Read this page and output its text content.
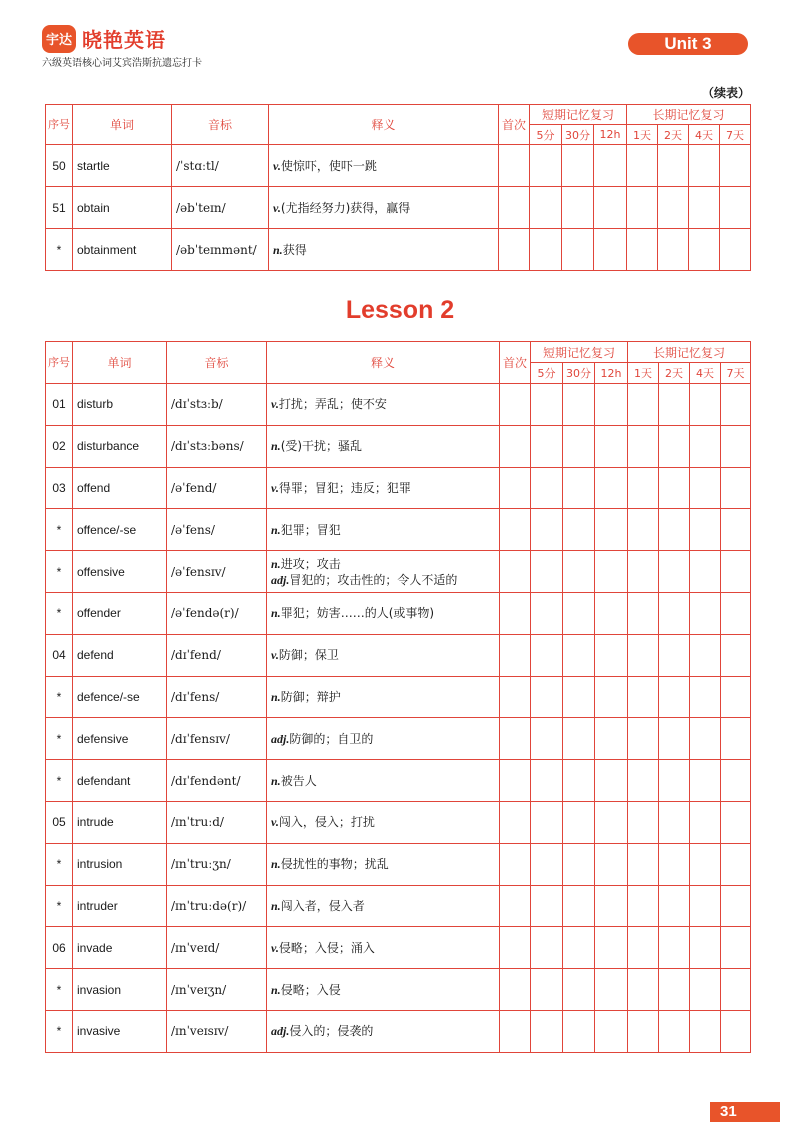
宇达 晓艳英语
六级英语核心词艾宾浩斯抗遗忘打卡
Unit 3
（续表）
序号	单词	音标	释义	首次	短期记忆复习			长期记忆复习			
					5分	30分	12h	1天	2天	4天	7天
50	startle	/ˈstɑːtl/	v.使惊吓，使吓一跳								

51	obtain	/əbˈteɪn/	v.(尤指经努力)获得，赢得								

*	obtainment	/əbˈteɪnmənt/	n.获得								

Lesson 2
序号	单词	音标	释义	首次	短期记忆复习			长期记忆复习			
					5分	30分	12h	1天	2天	4天	7天
01	disturb	/dɪˈstɜːb/	v.打扰；弄乱；使不安								

02	disturbance	/dɪˈstɜːbəns/	n.(受)干扰；骚乱								

03	offend	/əˈfend/	v.得罪；冒犯；违反；犯罪								

*	offence/-se	/əˈfens/	n.犯罪；冒犯								

*	offensive	/əˈfensɪv/	n.进攻；攻击
adj.冒犯的；攻击性的；令人不适的								

*	offender	/əˈfendə(r)/	n.罪犯；妨害……的人(或事物)								

04	defend	/dɪˈfend/	v.防御；保卫								

*	defence/-se	/dɪˈfens/	n.防御；辩护								

*	defensive	/dɪˈfensɪv/	adj.防御的；自卫的								

*	defendant	/dɪˈfendənt/	n.被告人								

05	intrude	/ɪnˈtruːd/	v.闯入，侵入；打扰								

*	intrusion	/ɪnˈtruːʒn/	n.侵扰性的事物；扰乱								

*	intruder	/ɪnˈtruːdə(r)/	n.闯入者，侵入者								

06	invade	/ɪnˈveɪd/	v.侵略；入侵；涌入								

*	invasion	/ɪnˈveɪʒn/	n.侵略；入侵								

*	invasive	/ɪnˈveɪsɪv/	adj.侵入的；侵袭的								

31
